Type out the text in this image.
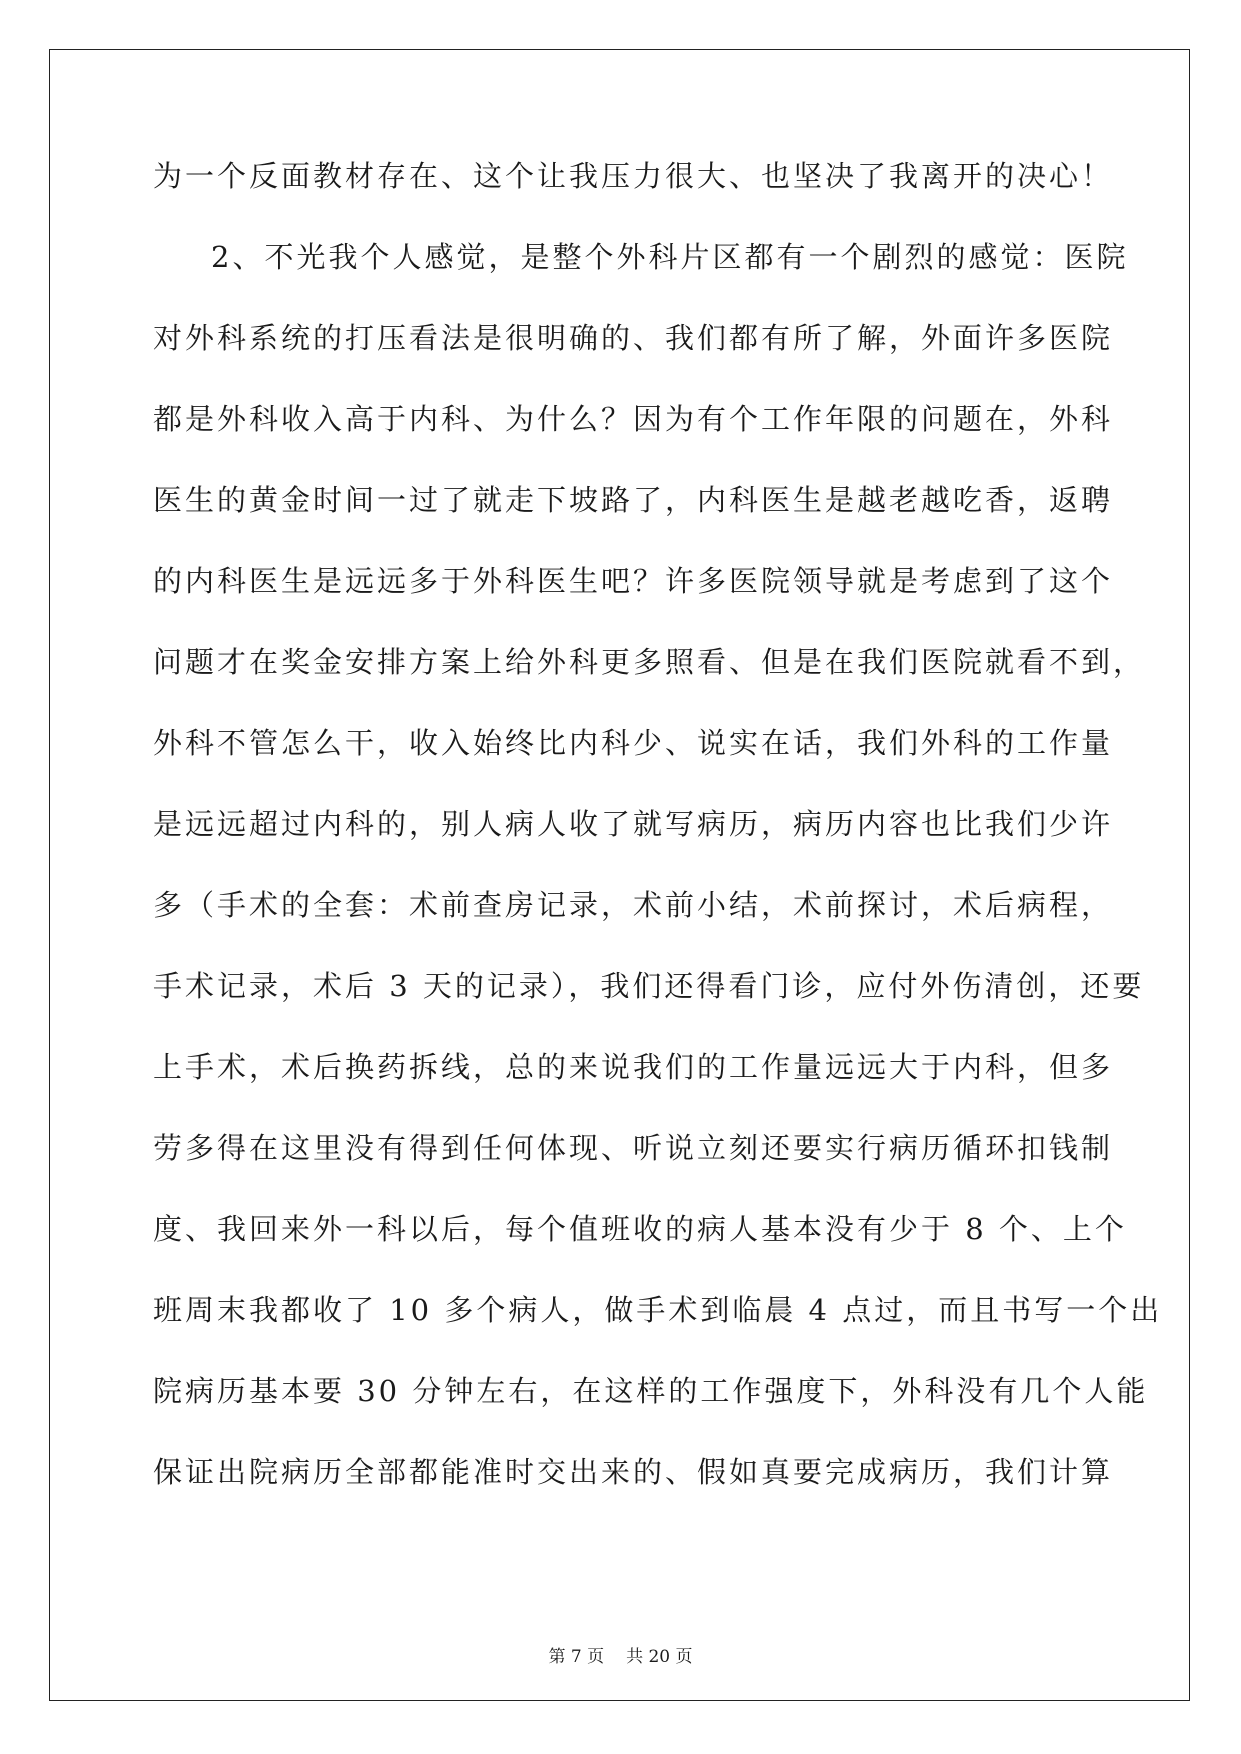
为一个反面教材存在、这个让我压力很大、也坚决了我离开的决心！
2、不光我个人感觉，是整个外科片区都有一个剧烈的感觉：医院
对外科系统的打压看法是很明确的、我们都有所了解，外面许多医院
都是外科收入高于内科、为什么？因为有个工作年限的问题在，外科
医生的黄金时间一过了就走下坡路了，内科医生是越老越吃香，返聘
的内科医生是远远多于外科医生吧？许多医院领导就是考虑到了这个
问题才在奖金安排方案上给外科更多照看、但是在我们医院就看不到，
外科不管怎么干，收入始终比内科少、说实在话，我们外科的工作量
是远远超过内科的，别人病人收了就写病历，病历内容也比我们少许
多（手术的全套：术前查房记录，术前小结，术前探讨，术后病程，
手术记录，术后 3 天的记录），我们还得看门诊，应付外伤清创，还要
上手术，术后换药拆线，总的来说我们的工作量远远大于内科，但多
劳多得在这里没有得到任何体现、听说立刻还要实行病历循环扣钱制
度、我回来外一科以后，每个值班收的病人基本没有少于 8 个、上个
班周末我都收了 10 多个病人，做手术到临晨 4 点过，而且书写一个出
院病历基本要 30 分钟左右，在这样的工作强度下，外科没有几个人能
保证出院病历全部都能准时交出来的、假如真要完成病历，我们计算
第 7 页 共 20 页
